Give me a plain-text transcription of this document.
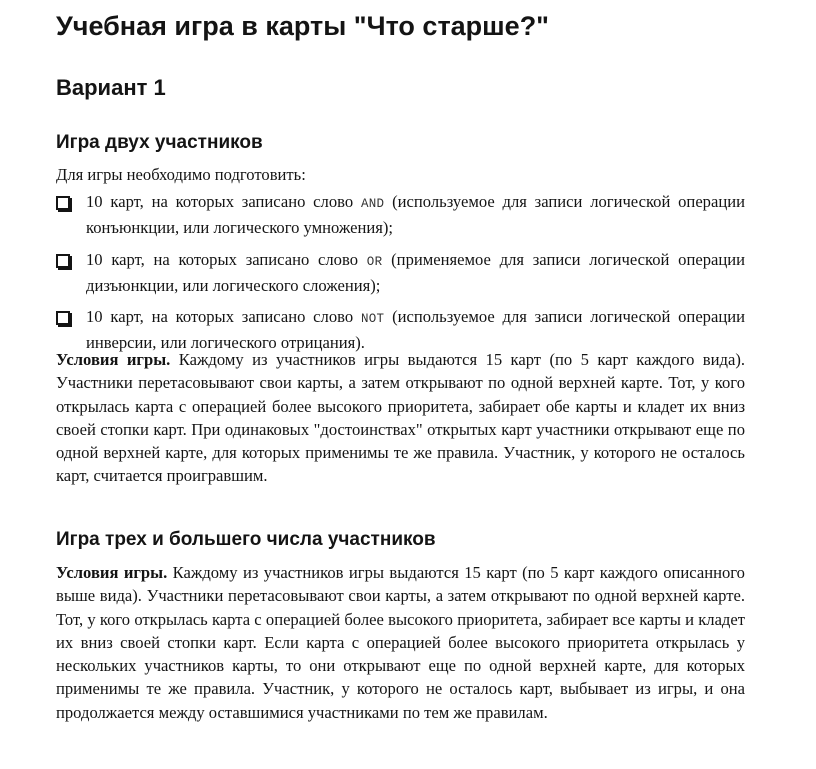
Учебная игра в карты "Что старше?"
Вариант 1
Игра двух участников

Для игры необходимо подготовить:

10 карт, на которых записано слово AND (используемое для записи логической операции конъюнкции, или логического умножения);
10 карт, на которых записано слово OR (применяемое для записи логической операции дизъюнкции, или логического сложения);
10 карт, на которых записано слово NOT (используемое для записи логической операции инверсии, или логического отрицания).

Условия игры. Каждому из участников игры выдаются 15 карт (по 5 карт каждого вида). Участники перетасовывают свои карты, а затем открывают по одной верхней карте. Тот, у кого открылась карта с операцией более высокого приоритета, забирает обе карты и кладет их вниз своей стопки карт. При одинаковых "достоинствах" открытых карт участники открывают еще по одной верхней карте, для которых применимы те же правила. Участник, у которого не осталось карт, считается проигравшим.

Игра трех и большего числа участников

Условия игры. Каждому из участников игры выдаются 15 карт (по 5 карт каждого описанного выше вида). Участники перетасовывают свои карты, а затем открывают по одной верхней карте. Тот, у кого открылась карта с операцией более высокого приоритета, забирает все карты и кладет их вниз своей стопки карт. Если карта с операцией более высокого приоритета открылась у нескольких участников карты, то они открывают еще по одной верхней карте, для которых применимы те же правила. Участник, у которого не осталось карт, выбывает из игры, и она продолжается между оставшимися участниками по тем же правилам.
